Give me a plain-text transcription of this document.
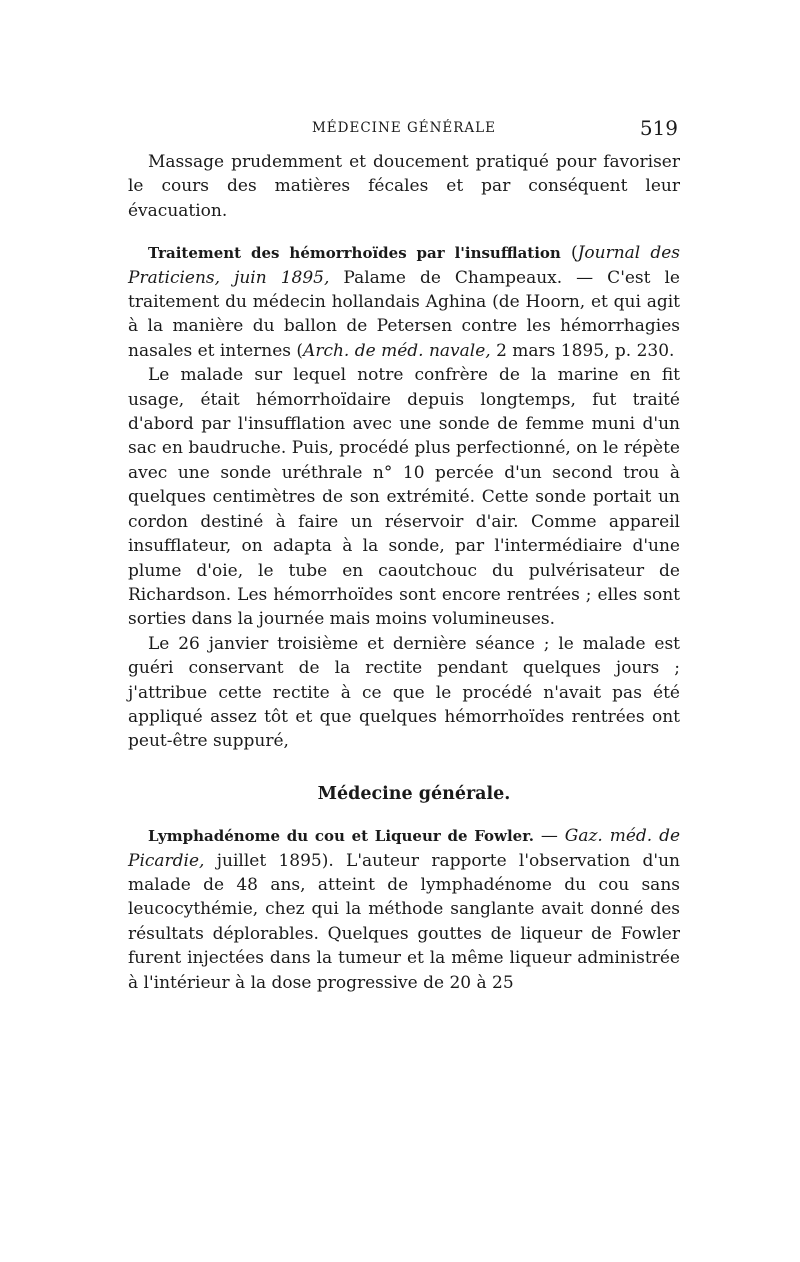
MÉDECINE GÉNÉRALE	519

Massage prudemment et doucement pratiqué pour favoriser le cours des matières fécales et par conséquent leur évacuation.

Traitement des hémorrhoïdes par l'insufflation (Journal des Praticiens, juin 1895, Palame de Champeaux. — C'est le traitement du médecin hollandais Aghina (de Hoorn, et qui agit à la manière du ballon de Petersen contre les hémorrhagies nasales et internes (Arch. de méd. navale, 2 mars 1895, p. 230.

Le malade sur lequel notre confrère de la marine en fit usage, était hémorrhoïdaire depuis longtemps, fut traité d'abord par l'insufflation avec une sonde de femme muni d'un sac en baudruche. Puis, procédé plus perfectionné, on le répète avec une sonde uréthrale n° 10 percée d'un second trou à quelques centimètres de son extrémité. Cette sonde portait un cordon destiné à faire un réservoir d'air. Comme appareil insufflateur, on adapta à la sonde, par l'intermédiaire d'une plume d'oie, le tube en caoutchouc du pulvérisateur de Richardson. Les hémorrhoïdes sont encore rentrées ; elles sont sorties dans la journée mais moins volumineuses.

Le 26 janvier troisième et dernière séance ; le malade est guéri conservant de la rectite pendant quelques jours ; j'attribue cette rectite à ce que le procédé n'avait pas été appliqué assez tôt et que quelques hémorrhoïdes rentrées ont peut-être suppuré,

Médecine générale.

Lymphadénome du cou et Liqueur de Fowler. — Gaz. méd. de Picardie, juillet 1895). L'auteur rapporte l'observation d'un malade de 48 ans, atteint de lymphadénome du cou sans leucocythémie, chez qui la méthode sanglante avait donné des résultats déplorables. Quelques gouttes de liqueur de Fowler furent injectées dans la tumeur et la même liqueur administrée à l'intérieur à la dose progressive de 20 à 25
